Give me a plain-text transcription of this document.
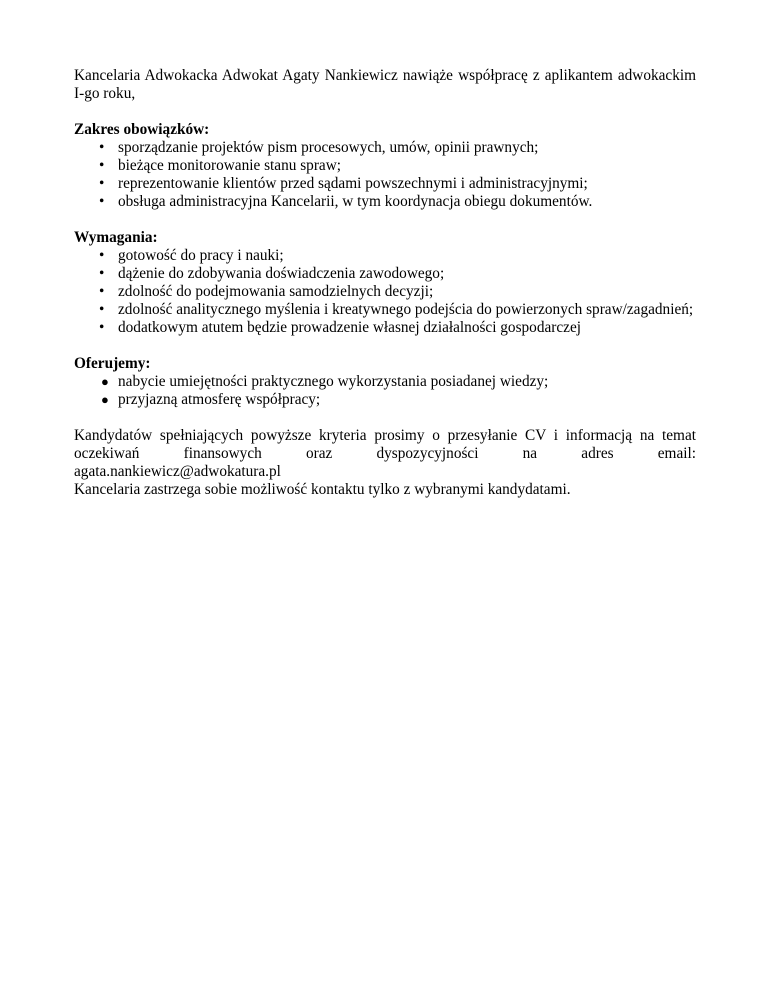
Kancelaria Adwokacka Adwokat Agaty Nankiewicz nawiąże współpracę z aplikantem adwokackim I-go roku,

Zakres obowiązków:

• sporządzanie projektów pism procesowych, umów, opinii prawnych;
• bieżące monitorowanie stanu spraw;
• reprezentowanie klientów przed sądami powszechnymi i administracyjnymi;
• obsługa administracyjna Kancelarii, w tym koordynacja obiegu dokumentów.

Wymagania:

• gotowość do pracy i nauki;
• dążenie do zdobywania doświadczenia zawodowego;
• zdolność do podejmowania samodzielnych decyzji;
• zdolność analitycznego myślenia i kreatywnego podejścia do powierzonych spraw/zagadnień;
• dodatkowym atutem będzie prowadzenie własnej działalności gospodarczej

Oferujemy:

● nabycie umiejętności praktycznego wykorzystania posiadanej wiedzy;
● przyjazną atmosferę współpracy;

Kandydatów spełniających powyższe kryteria prosimy o przesyłanie CV i informacją na temat oczekiwań finansowych oraz dyspozycyjności na adres email:

agata.nankiewicz@adwokatura.pl

Kancelaria zastrzega sobie możliwość kontaktu tylko z wybranymi kandydatami.
